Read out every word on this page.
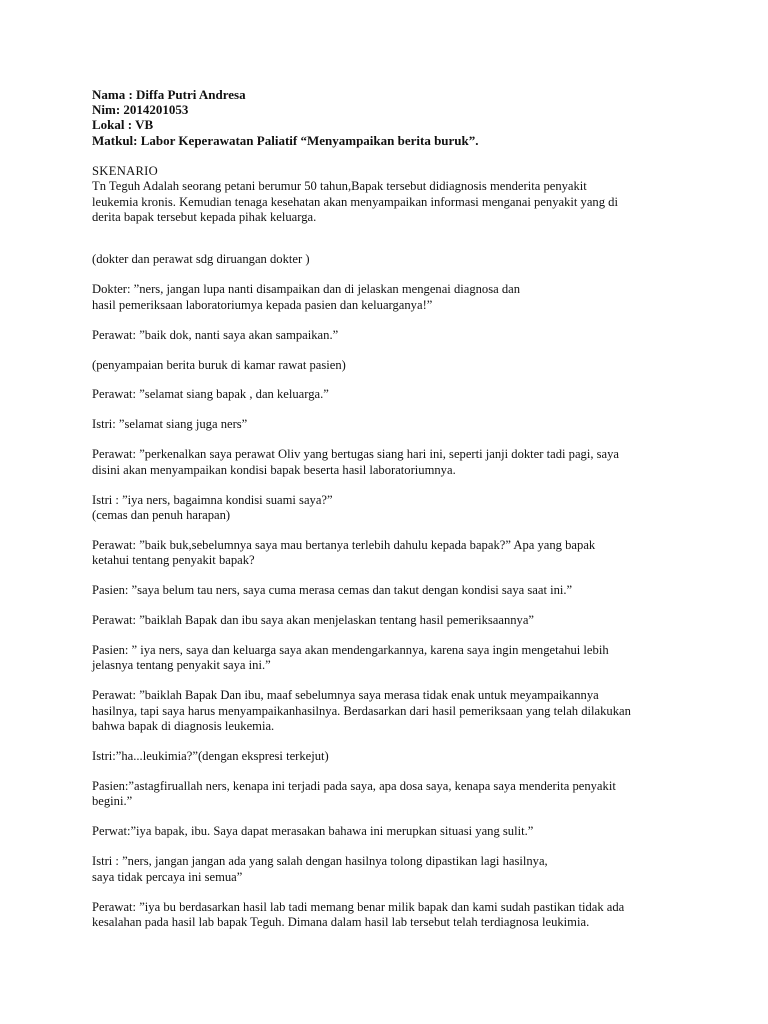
Nama : Diffa Putri Andresa
Nim: 2014201053
Lokal : VB
Matkul: Labor Keperawatan Paliatif “Menyampaikan berita buruk”.
SKENARIO
Tn Teguh Adalah seorang petani berumur 50 tahun,Bapak tersebut didiagnosis menderita penyakit
leukemia kronis. Kemudian tenaga kesehatan akan menyampaikan informasi menganai penyakit yang di
derita bapak tersebut kepada pihak keluarga.
(dokter dan perawat sdg diruangan dokter )
Dokter: ”ners, jangan lupa nanti disampaikan dan di jelaskan mengenai diagnosa dan
hasil pemeriksaan laboratoriumya kepada pasien dan keluarganya!”
Perawat: ”baik dok, nanti saya akan sampaikan.”
(penyampaian berita buruk di kamar rawat pasien)
Perawat: ”selamat siang bapak , dan keluarga.”
Istri: ”selamat siang juga ners”
Perawat: ”perkenalkan saya perawat Oliv yang bertugas siang hari ini, seperti janji dokter tadi pagi, saya
disini akan menyampaikan kondisi bapak beserta hasil laboratoriumnya.
Istri : ”iya ners, bagaimna kondisi suami saya?”
(cemas dan penuh harapan)
Perawat: ”baik buk,sebelumnya saya mau bertanya terlebih dahulu kepada bapak?” Apa yang bapak
ketahui tentang penyakit bapak?
Pasien: ”saya belum tau ners, saya cuma merasa cemas dan takut dengan kondisi saya saat ini.”
Perawat: ”baiklah Bapak dan ibu saya akan menjelaskan tentang hasil pemeriksaannya”
Pasien: ” iya ners, saya dan keluarga saya akan mendengarkannya, karena saya ingin mengetahui lebih
jelasnya tentang penyakit saya ini.”
Perawat: ”baiklah Bapak Dan ibu, maaf sebelumnya saya merasa tidak enak untuk meyampaikannya
hasilnya, tapi saya harus menyampaikanhasilnya. Berdasarkan dari hasil pemeriksaan yang telah dilakukan
bahwa bapak di diagnosis leukemia.
Istri:”ha...leukimia?”(dengan ekspresi terkejut)
Pasien:”astagfiruallah ners, kenapa ini terjadi pada saya, apa dosa saya, kenapa saya menderita penyakit
begini.”
Perwat:”iya bapak, ibu. Saya dapat merasakan bahawa ini merupkan situasi yang sulit.”
Istri : ”ners, jangan jangan ada yang salah dengan hasilnya tolong dipastikan lagi hasilnya,
saya tidak percaya ini semua”
Perawat: ”iya bu berdasarkan hasil lab tadi memang benar milik bapak dan kami sudah pastikan tidak ada
kesalahan pada hasil lab bapak Teguh. Dimana dalam hasil lab tersebut telah terdiagnosa leukimia.
